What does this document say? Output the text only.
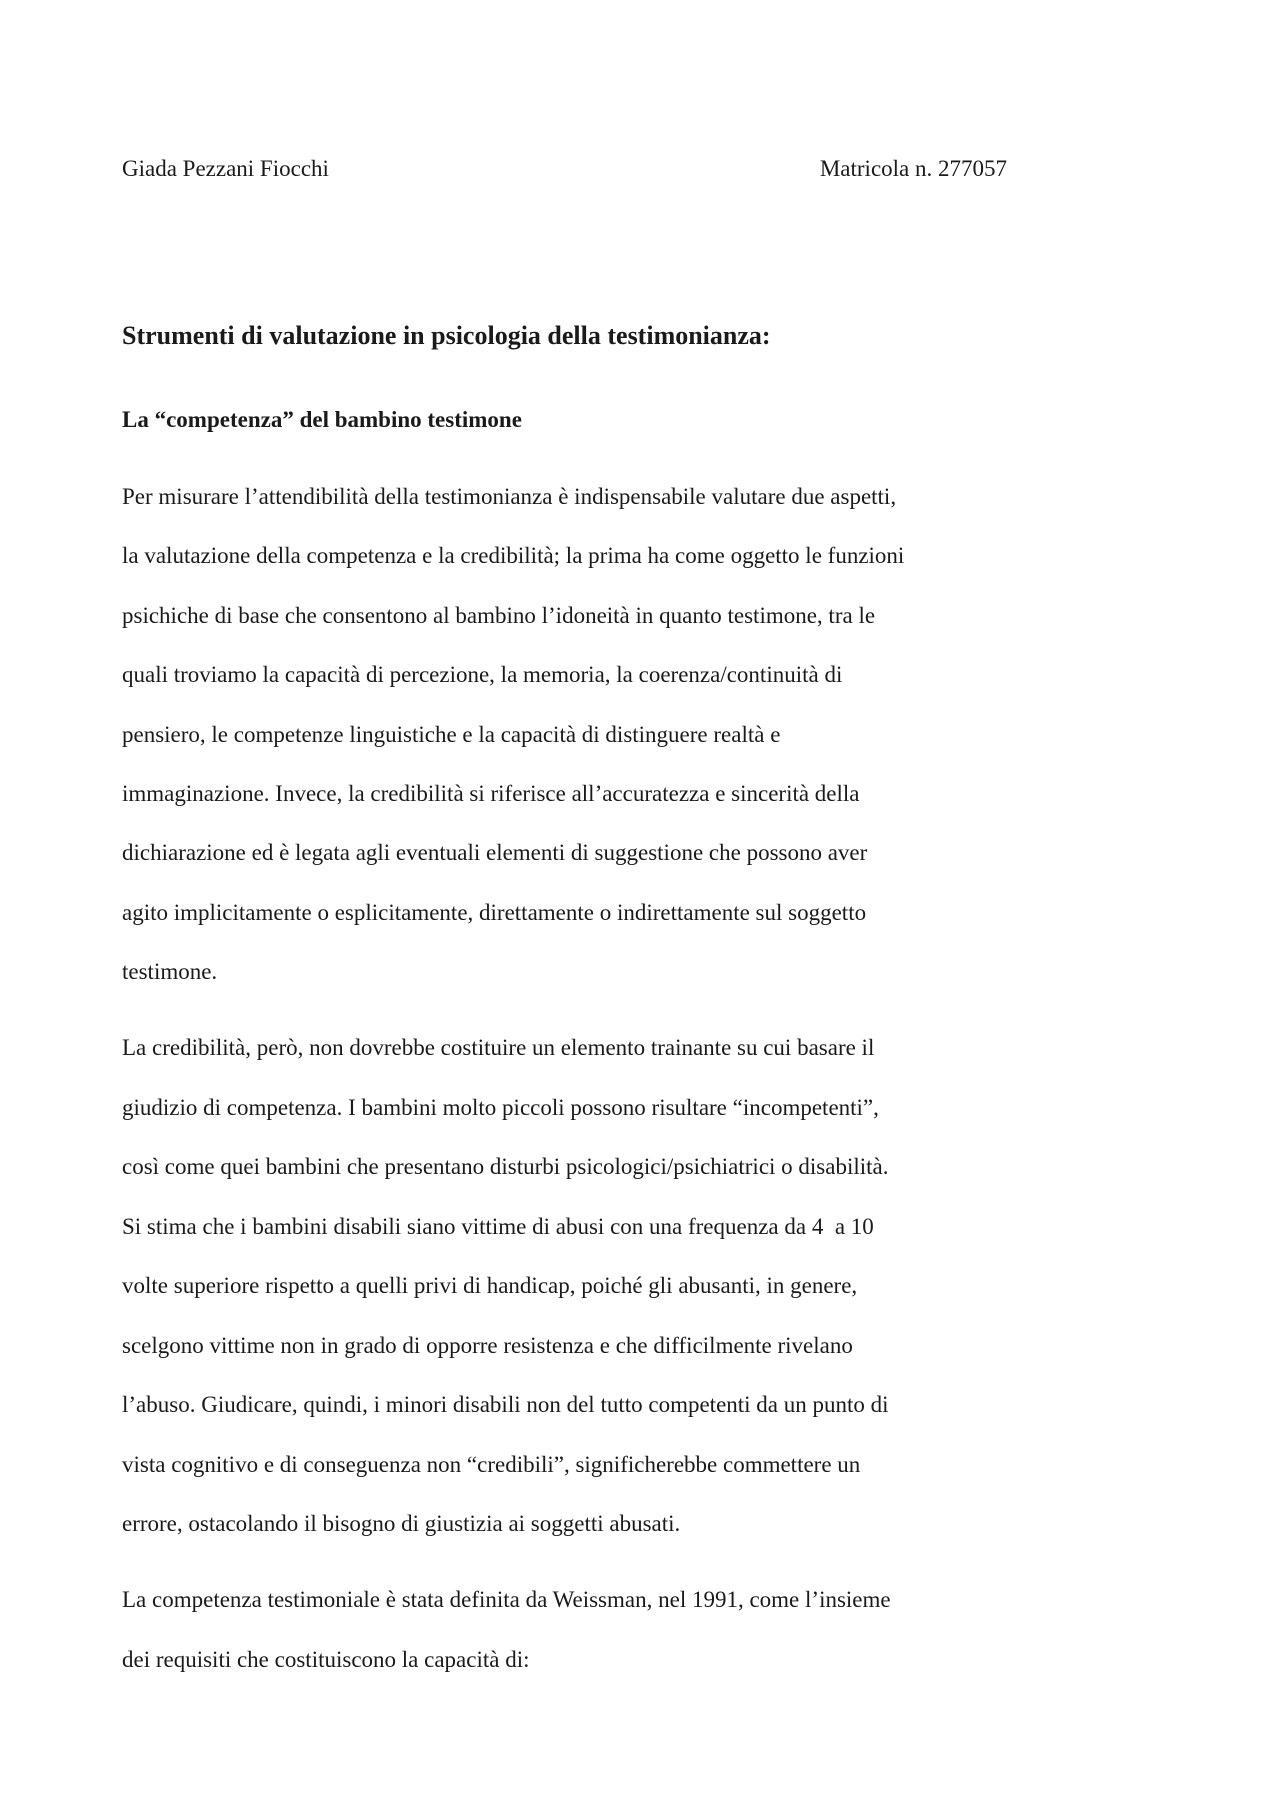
Giada Pezzani Fiocchi	Matricola n. 277057
Strumenti di valutazione in psicologia della testimonianza:
La “competenza” del bambino testimone
Per misurare l’attendibilità della testimonianza è indispensabile valutare due aspetti,
la valutazione della competenza e la credibilità; la prima ha come oggetto le funzioni
psichiche di base che consentono al bambino l’idoneità in quanto testimone, tra le
quali troviamo la capacità di percezione, la memoria, la coerenza/continuità di
pensiero, le competenze linguistiche e la capacità di distinguere realtà e
immaginazione. Invece, la credibilità si riferisce all’accuratezza e sincerità della
dichiarazione ed è legata agli eventuali elementi di suggestione che possono aver
agito implicitamente o esplicitamente, direttamente o indirettamente sul soggetto
testimone.
La credibilità, però, non dovrebbe costituire un elemento trainante su cui basare il
giudizio di competenza. I bambini molto piccoli possono risultare “incompetenti”,
così come quei bambini che presentano disturbi psicologici/psichiatrici o disabilità.
Si stima che i bambini disabili siano vittime di abusi con una frequenza da 4  a 10
volte superiore rispetto a quelli privi di handicap, poiché gli abusanti, in genere,
scelgono vittime non in grado di opporre resistenza e che difficilmente rivelano
l’abuso. Giudicare, quindi, i minori disabili non del tutto competenti da un punto di
vista cognitivo e di conseguenza non “credibili”, significherebbe commettere un
errore, ostacolando il bisogno di giustizia ai soggetti abusati.
La competenza testimoniale è stata definita da Weissman, nel 1991, come l’insieme
dei requisiti che costituiscono la capacità di:
